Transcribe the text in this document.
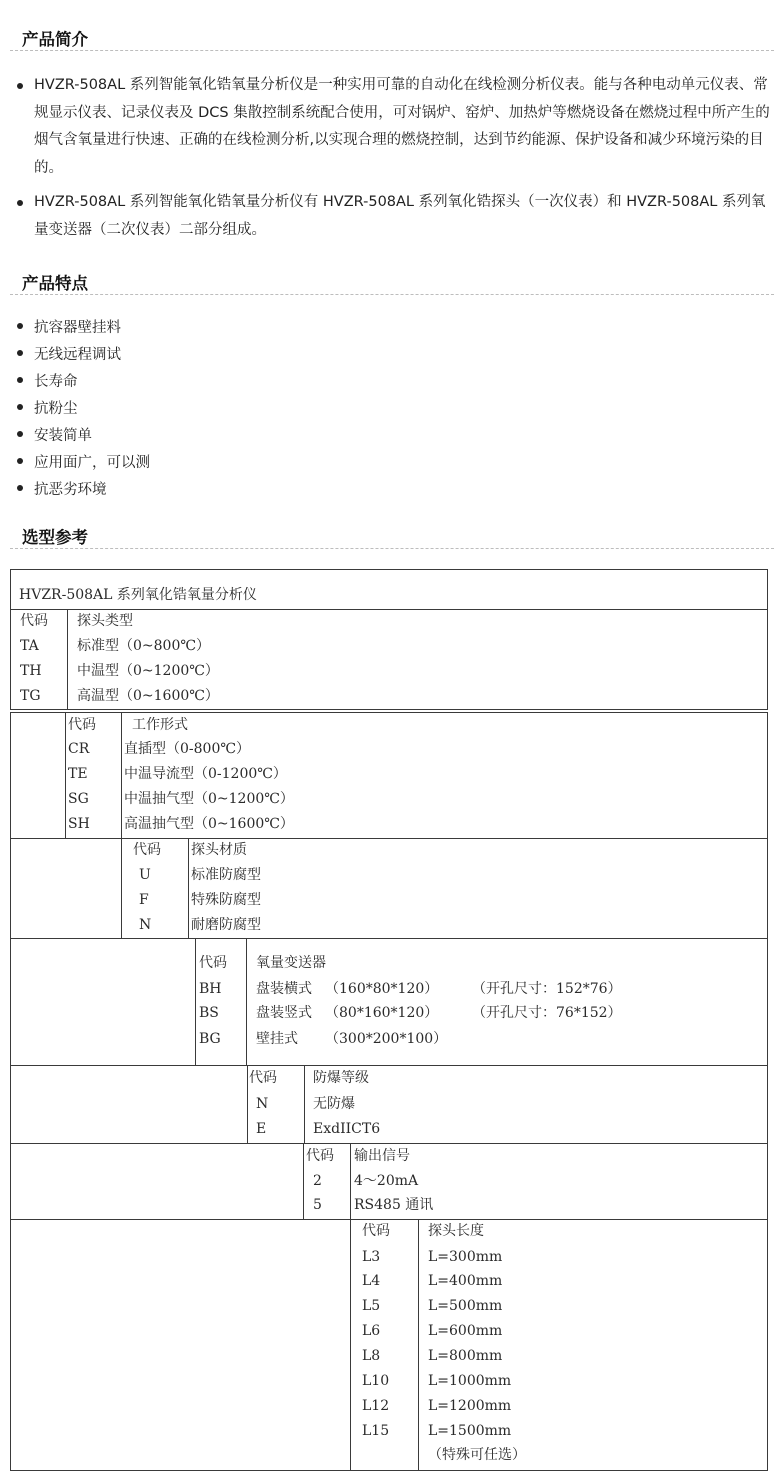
产品简介
HVZR-508AL 系列智能氧化锆氧量分析仪是一种实用可靠的自动化在线检测分析仪表。能与各种电动单元仪表、常规显示仪表、记录仪表及 DCS 集散控制系统配合使用，可对锅炉、窑炉、加热炉等燃烧设备在燃烧过程中所产生的烟气含氧量进行快速、正确的在线检测分析,以实现合理的燃烧控制，达到节约能源、保护设备和减少环境污染的目的。
HVZR-508AL 系列智能氧化锆氧量分析仪有 HVZR-508AL 系列氧化锆探头（一次仪表）和 HVZR-508AL 系列氧量变送器（二次仪表）二部分组成。
产品特点
抗容器壁挂料
无线远程调试
长寿命
抗粉尘
安装简单
应用面广，可以测
抗恶劣环境
选型参考
HVZR-508AL 系列氧化锆氧量分析仪
代码 探头类型
TA	标准型（0~800℃）
TH	中温型（0~1200℃）
TG	高温型（0~1600℃）
代码	工作形式
CR 直插型（0-800℃）
TE	中温导流型（0-1200℃）
SG	中温抽气型（0~1200℃）
SH 高温抽气型（0~1600℃）
代码 探头材质
U	标准防腐型
F	特殊防腐型
N	耐磨防腐型
代码 氧量变送器
BH 盘装横式 （160*80*120） （开孔尺寸：152*76）
BS	盘装竖式 （80*160*120） （开孔尺寸：76*152）
BG	壁挂式 （300*200*100）
代码	防爆等级
N	无防爆
E	ExdIICT6
代码 输出信号
2 4～20mA
5 RS485 通讯
代码	探头长度
L3	L=300mm
L4	L=400mm
L5	L=500mm
L6	L=600mm
L8	L=800mm
L10	L=1000mm
L12	L=1200mm
L15	L=1500mm
（特殊可任选）
